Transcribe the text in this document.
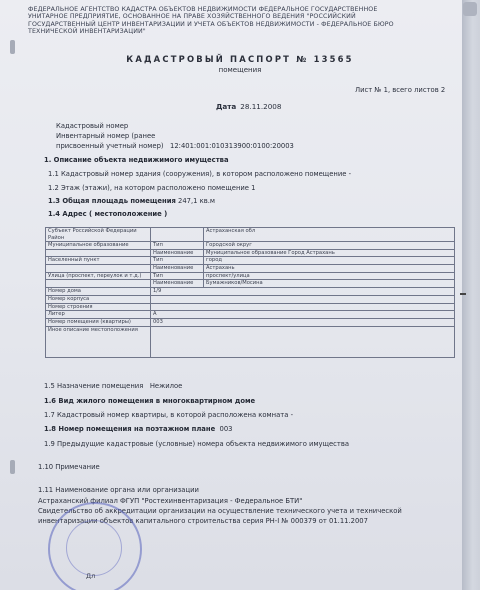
ФЕДЕРАЛЬНОЕ АГЕНТСТВО КАДАСТРА ОБЪЕКТОВ НЕДВИЖИМОСТИ ФЕДЕРАЛЬНОЕ ГОСУДАРСТВЕННОЕ
УНИТАРНОЕ ПРЕДПРИЯТИЕ, ОСНОВАННОЕ НА ПРАВЕ ХОЗЯЙСТВЕННОГО ВЕДЕНИЯ "РОССИЙСКИЙ
ГОСУДАРСТВЕННЫЙ ЦЕНТР ИНВЕНТАРИЗАЦИИ И УЧЕТА ОБЪЕКТОВ НЕДВИЖИМОСТИ - ФЕДЕРАЛЬНОЕ БЮРО
ТЕХНИЧЕСКОЙ ИНВЕНТАРИЗАЦИИ"
КАДАСТРОВЫЙ ПАСПОРТ № 13565
помещения
Лист № 1, всего листов 2
Дата 28.11.2008
Кадастровый номер
Инвентарный номер (ранее
присвоенный учетный номер) 12:401:001:010313900:0100:20003
1. Описание объекта недвижимого имущества
1.1 Кадастровый номер здания (сооружения), в котором расположено помещение -
1.2 Этаж (этажи), на котором расположено помещение 1
1.3 Общая площадь помещения 247,1 кв.м
1.4 Адрес ( местоположение )
Субъект Российской Федерации
Район		Астраханская обл
Муниципальное образование	Тип	Городской округ
	Наименование	Муниципальное образование Город Астрахань
Населенный пункт	Тип	город
	Наименование	Астрахань
Улица (проспект, переулок и т.д.)	Тип	проспект/улица
	Наименование	Бумажников/Мосина
Номер дома	1/9	
Номер корпуса		
Номер строения		
Литер	А	
Номер помещения (квартиры)	003	
Иное описание местоположения		
1.5 Назначение помещения Нежилое
1.6 Вид жилого помещения в многоквартирном доме
1.7 Кадастровый номер квартиры, в которой расположена комната -
1.8 Номер помещения на поэтажном плане 003
1.9 Предыдущие кадастровые (условные) номера объекта недвижимого имущества
1.10 Примечание
1.11 Наименование органа или организации
Астраханский филиал ФГУП "Ростехинвентаризация - Федеральное БТИ"
Свидетельство об аккредитации организации на осуществление технического учета и технической
инвентаризации объектов капитального строительства серия РН-I № 000379 от 01.11.2007
Дл
